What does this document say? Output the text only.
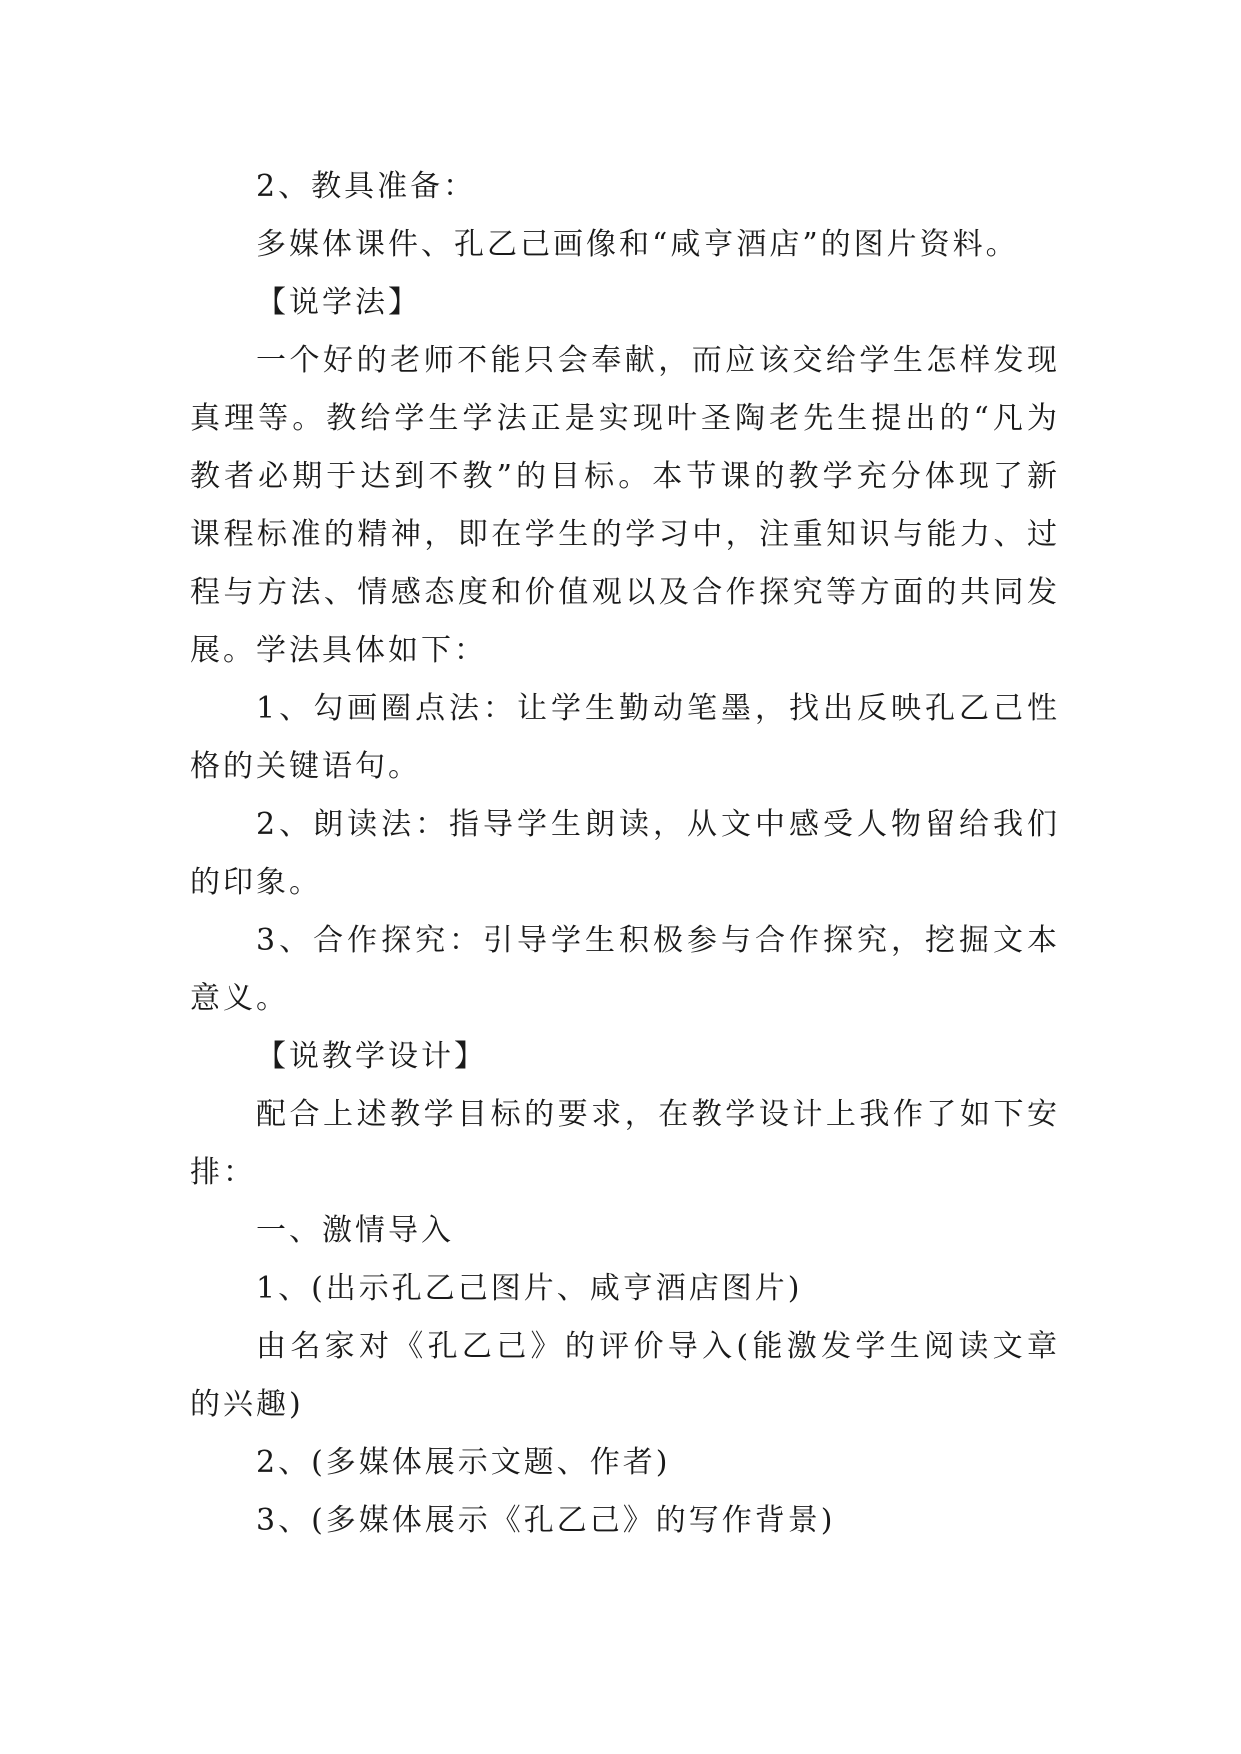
2、教具准备：

多媒体课件、孔乙己画像和“咸亨酒店”的图片资料。

【说学法】

一个好的老师不能只会奉献，而应该交给学生怎样发现真理等。教给学生学法正是实现叶圣陶老先生提出的“凡为教者必期于达到不教”的目标。本节课的教学充分体现了新课程标准的精神，即在学生的学习中，注重知识与能力、过程与方法、情感态度和价值观以及合作探究等方面的共同发展。学法具体如下：

1、勾画圈点法：让学生勤动笔墨，找出反映孔乙己性格的关键语句。

2、朗读法：指导学生朗读，从文中感受人物留给我们的印象。

3、合作探究：引导学生积极参与合作探究，挖掘文本意义。

【说教学设计】

配合上述教学目标的要求，在教学设计上我作了如下安排：

一、激情导入

1、(出示孔乙己图片、咸亨酒店图片)

由名家对《孔乙己》的评价导入(能激发学生阅读文章的兴趣)

2、(多媒体展示文题、作者)

3、(多媒体展示《孔乙己》的写作背景)
